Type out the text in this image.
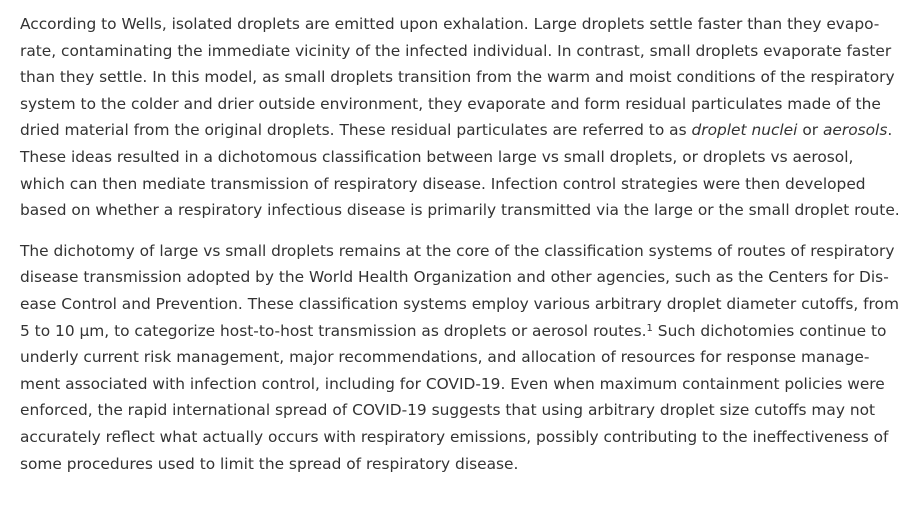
According to Wells, isolated droplets are emitted upon exhalation. Large droplets settle faster than they evapo-
rate, contaminating the immediate vicinity of the infected individual. In contrast, small droplets evaporate faster
than they settle. In this model, as small droplets transition from the warm and moist conditions of the respiratory
system to the colder and drier outside environment, they evaporate and form residual particulates made of the
dried material from the original droplets. These residual particulates are referred to as droplet nuclei or aerosols.
These ideas resulted in a dichotomous classification between large vs small droplets, or droplets vs aerosol,
which can then mediate transmission of respiratory disease. Infection control strategies were then developed
based on whether a respiratory infectious disease is primarily transmitted via the large or the small droplet route.

The dichotomy of large vs small droplets remains at the core of the classification systems of routes of respiratory
disease transmission adopted by the World Health Organization and other agencies, such as the Centers for Dis-
ease Control and Prevention. These classification systems employ various arbitrary droplet diameter cutoffs, from
5 to 10 μm, to categorize host-to-host transmission as droplets or aerosol routes.$^1$ Such dichotomies continue to
underly current risk management, major recommendations, and allocation of resources for response manage-
ment associated with infection control, including for COVID-19. Even when maximum containment policies were
enforced, the rapid international spread of COVID-19 suggests that using arbitrary droplet size cutoffs may not
accurately reflect what actually occurs with respiratory emissions, possibly contributing to the ineffectiveness of
some procedures used to limit the spread of respiratory disease.
